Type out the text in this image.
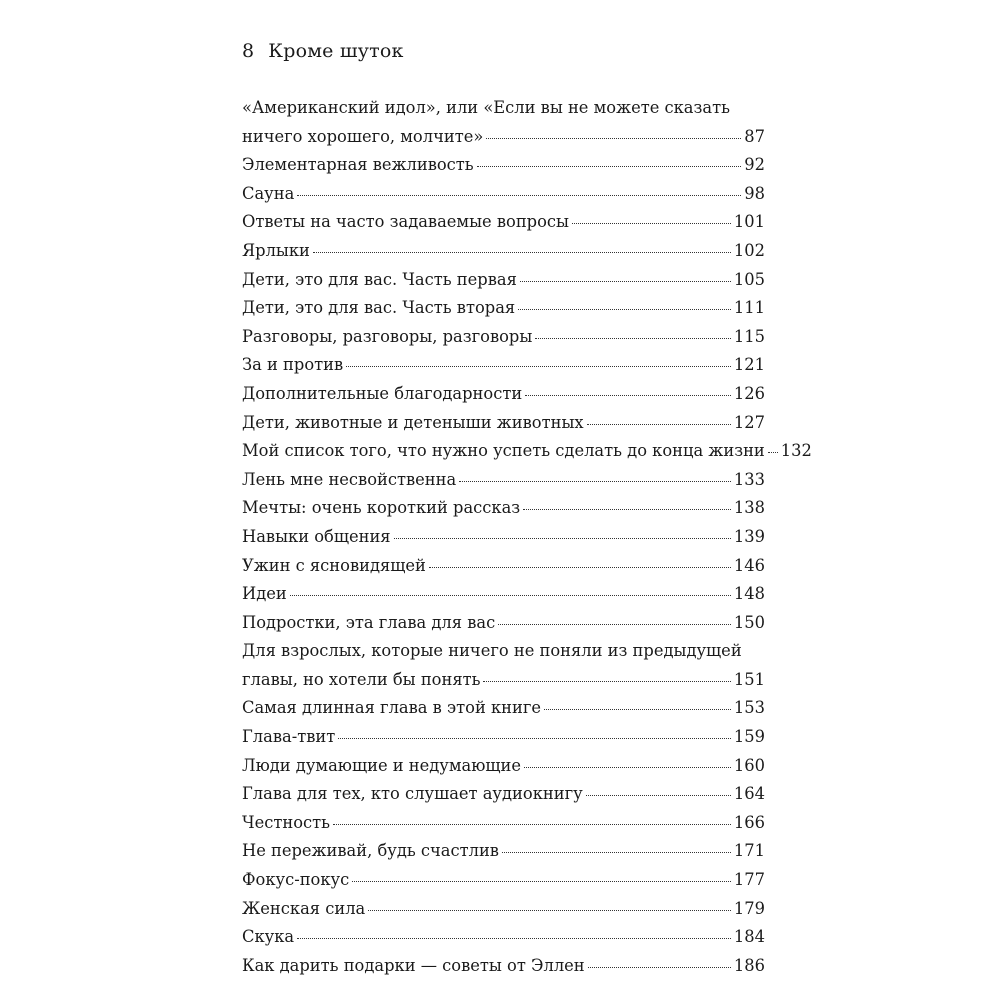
8 Кроме шуток
«Американский идол», или «Если вы не можете сказать
ничего хорошего, молчите»	87
Элементарная вежливость	92
Сауна	98
Ответы на часто задаваемые вопросы	101
Ярлыки	102
Дети, это для вас. Часть первая	105
Дети, это для вас. Часть вторая	111
Разговоры, разговоры, разговоры	115
За и против	121
Дополнительные благодарности	126
Дети, животные и детеныши животных	127
Мой список того, что нужно успеть сделать до конца жизни 132
Лень мне несвойственна	133
Мечты: очень короткий рассказ	138
Навыки общения	139
Ужин с ясновидящей	146
Идеи	148
Подростки, эта глава для вас	150
Для взрослых, которые ничего не поняли из предыдущей
главы, но хотели бы понять	151
Самая длинная глава в этой книге	153
Глава-твит	159
Люди думающие и недумающие	160
Глава для тех, кто слушает аудиокнигу	164
Честность	166
Не переживай, будь счастлив	171
Фокус-покус	177
Женская сила	179
Скука	184
Как дарить подарки — советы от Эллен	186
